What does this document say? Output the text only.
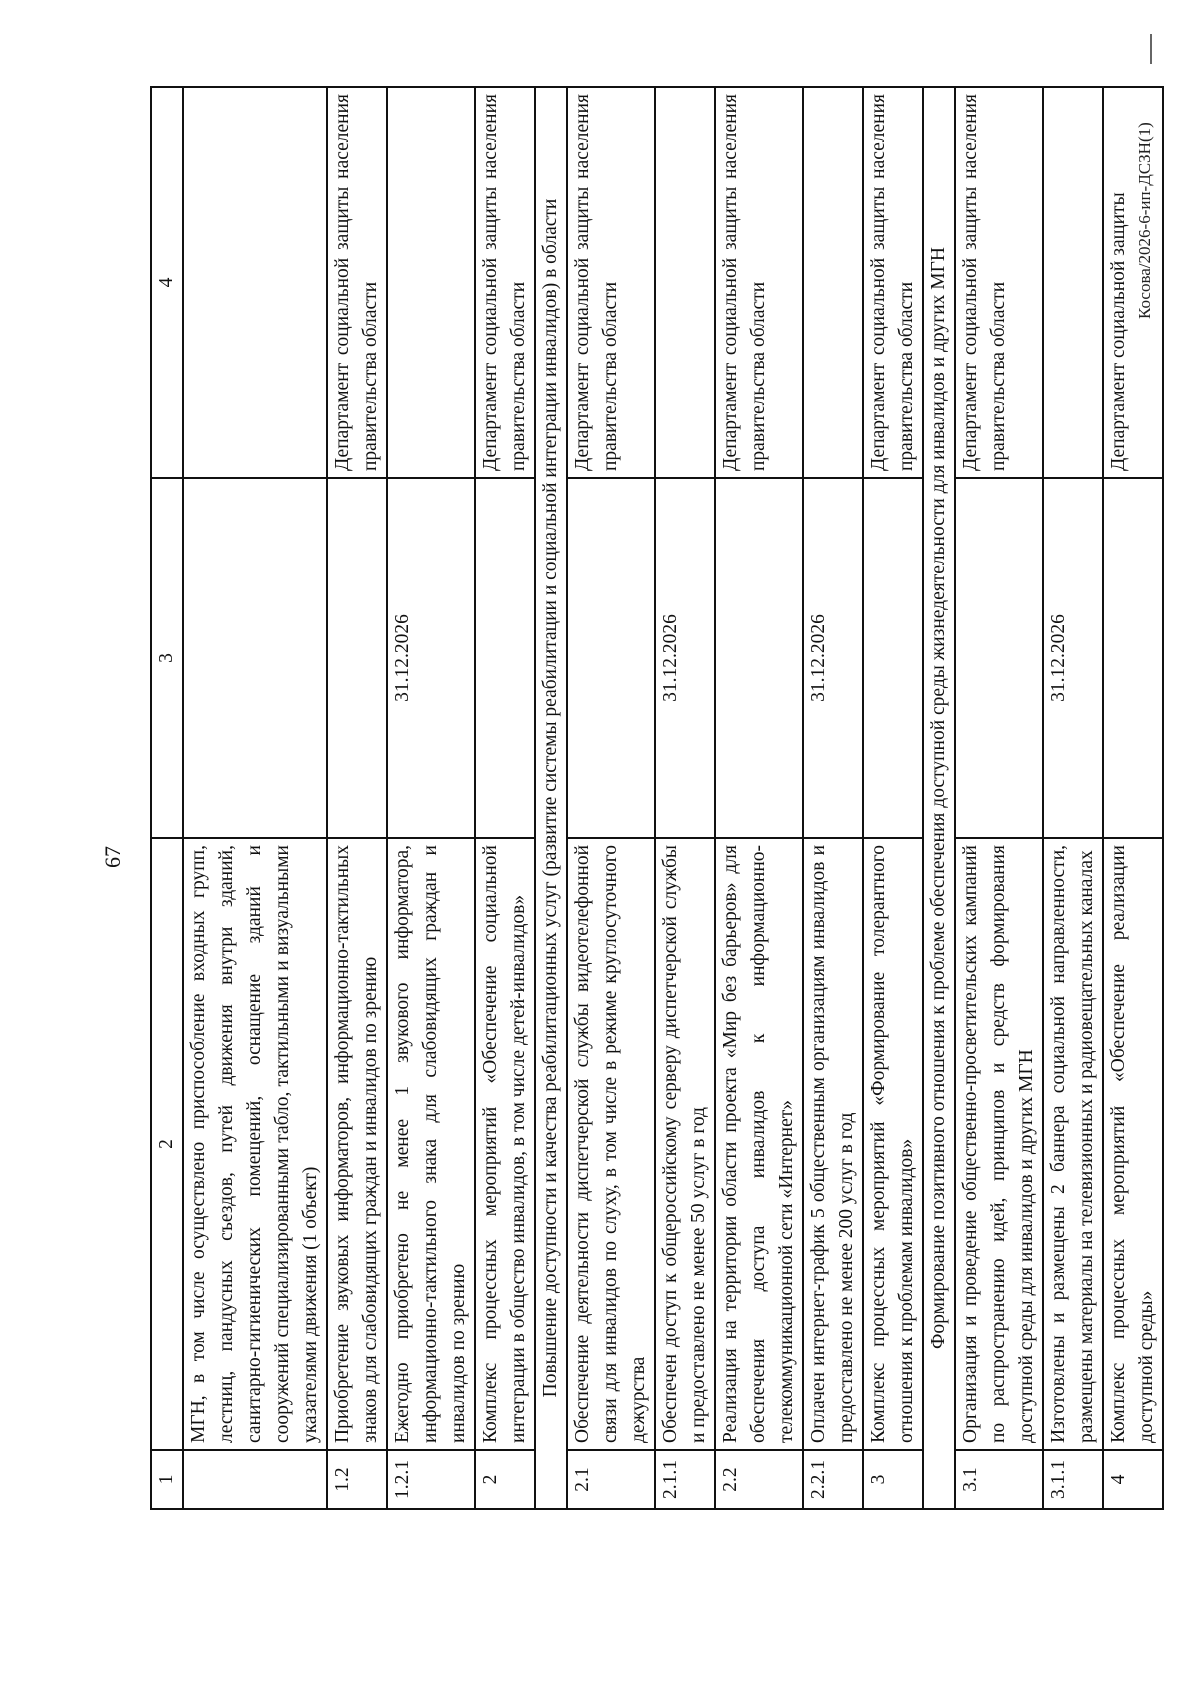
67
1	2	3	4
	МГН, в том числе осуществлено приспособление входных групп, лестниц, пандусных съездов, путей движения внутри зданий, санитарно-гигиенических помещений, оснащение зданий и сооружений специализированными табло, тактильными и визуальными указателями движения (1 объект)		
1.2	Приобретение звуковых информаторов, информационно-тактильных знаков для слабовидящих граждан и инвалидов по зрению		Департамент социальной защиты населения правительства области
1.2.1	Ежегодно приобретено не менее 1 звукового информатора, информационно-тактильного знака для слабовидящих граждан и инвалидов по зрению	31.12.2026	
2	Комплекс процессных мероприятий «Обеспечение социальной интеграции в общество инвалидов, в том числе детей-инвалидов»		Департамент социальной защиты населения правительства области
Повышение доступности и качества реабилитационных услуг (развитие системы реабилитации и социальной интеграции инвалидов) в области			
2.1	Обеспечение деятельности диспетчерской службы видеотелефонной связи для инвалидов по слуху, в том числе в режиме круглосуточного дежурства		Департамент социальной защиты населения правительства области
2.1.1	Обеспечен доступ к общероссийскому серверу диспетчерской службы и предоставлено не менее 50 услуг в год	31.12.2026	
2.2	Реализация на территории области проекта «Мир без барьеров» для обеспечения доступа инвалидов к информационно-телекоммуникационной сети «Интернет»		Департамент социальной защиты населения правительства области
2.2.1	Оплачен интернет-трафик 5 общественным организациям инвалидов и предоставлено не менее 200 услуг в год	31.12.2026	
3	Комплекс процессных мероприятий «Формирование толерантного отношения к проблемам инвалидов»		Департамент социальной защиты населения правительства области
Формирование позитивного отношения к проблеме обеспечения доступной среды жизнедеятельности для инвалидов и других МГН			
3.1	Организация и проведение общественно-просветительских кампаний по распространению идей, принципов и средств формирования доступной среды для инвалидов и других МГН		Департамент социальной защиты населения правительства области
3.1.1	Изготовлены и размещены 2 баннера социальной направленности, размещены материалы на телевизионных и радиовещательных каналах	31.12.2026	
4	Комплекс процессных мероприятий «Обеспечение реализации доступной среды»		Департамент социальной защиты Косова/2026-6-ип-ДСЗН(1)
